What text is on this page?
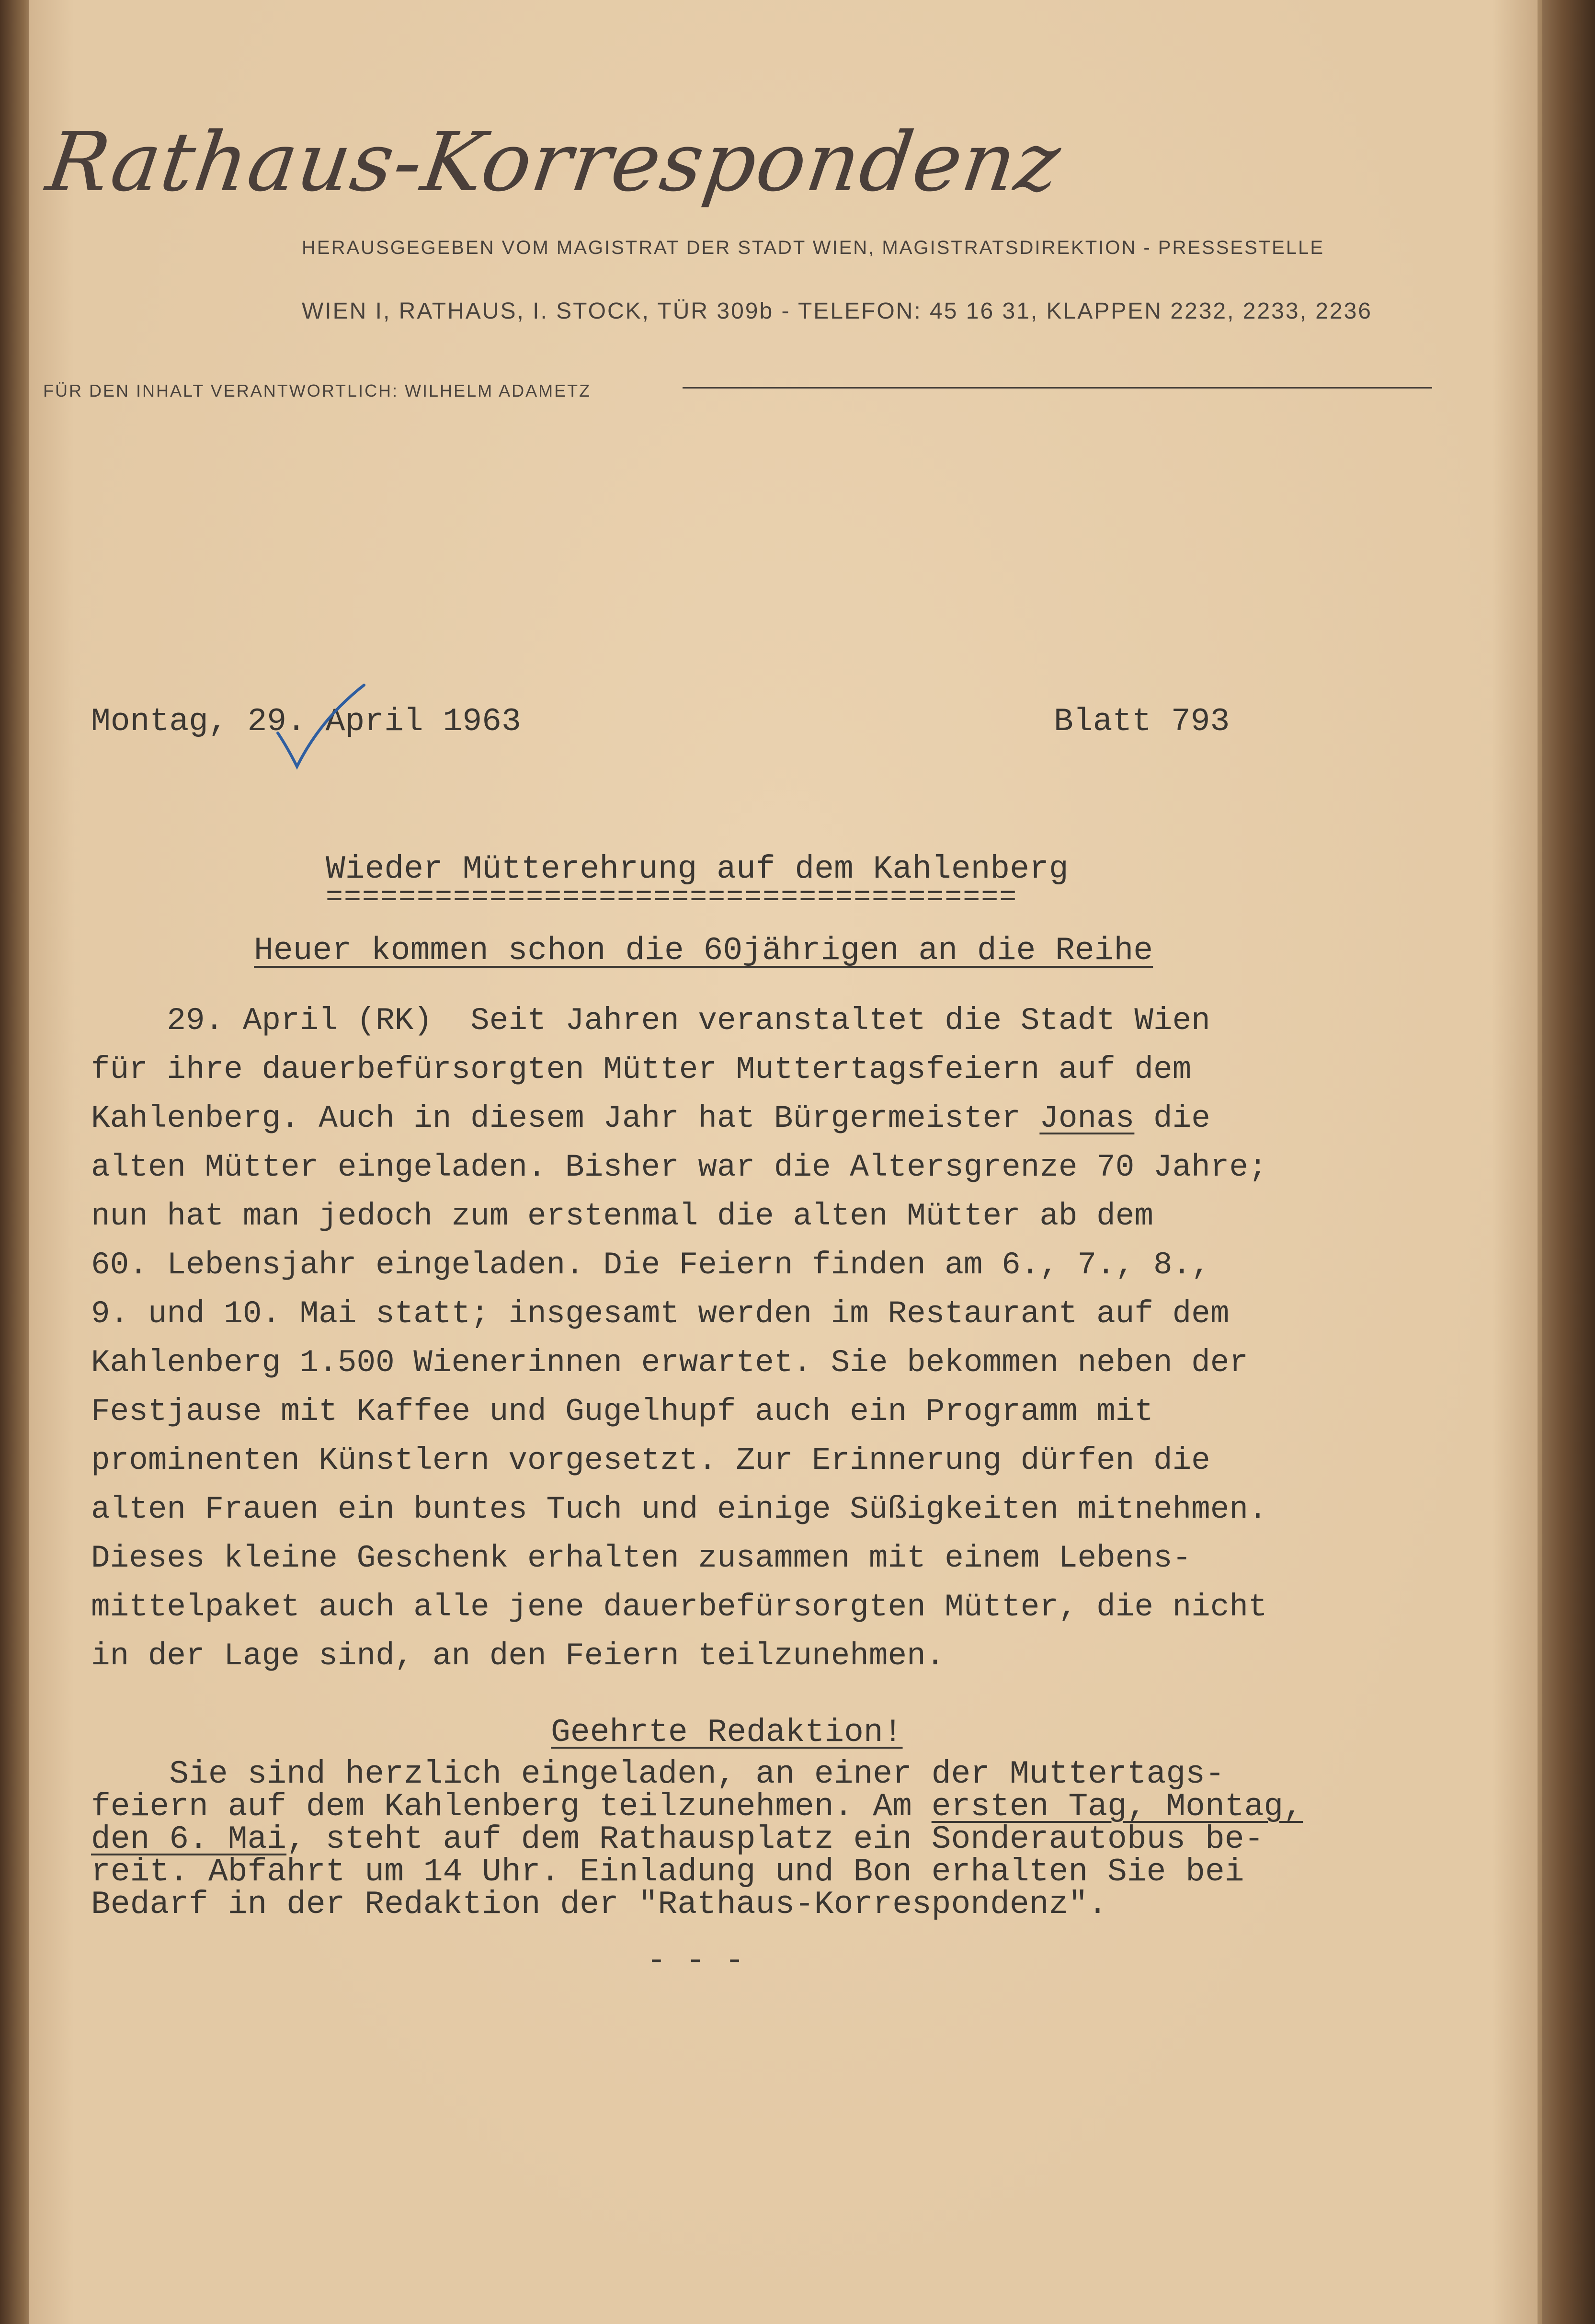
Rathaus-Korrespondenz
HERAUSGEGEBEN VOM MAGISTRAT DER STADT WIEN, MAGISTRATSDIREKTION - PRESSESTELLE
WIEN I, RATHAUS, I. STOCK, TÜR 309b - TELEFON: 45 16 31, KLAPPEN 2232, 2233, 2236
FÜR DEN INHALT VERANTWORTLICH: WILHELM ADAMETZ
Montag, 29. April 1963	Blatt 793
Wieder Mütterehrung auf dem Kahlenberg
======================================
Heuer kommen schon die 60jährigen an die Reihe
29. April (RK)  Seit Jahren veranstaltet die Stadt Wien
für ihre dauerbefürsorgten Mütter Muttertagsfeiern auf dem
Kahlenberg. Auch in diesem Jahr hat Bürgermeister Jonas die
alten Mütter eingeladen. Bisher war die Altersgrenze 70 Jahre;
nun hat man jedoch zum erstenmal die alten Mütter ab dem
60. Lebensjahr eingeladen. Die Feiern finden am 6., 7., 8.,
9. und 10. Mai statt; insgesamt werden im Restaurant auf dem
Kahlenberg 1.500 Wienerinnen erwartet. Sie bekommen neben der
Festjause mit Kaffee und Gugelhupf auch ein Programm mit
prominenten Künstlern vorgesetzt. Zur Erinnerung dürfen die
alten Frauen ein buntes Tuch und einige Süßigkeiten mitnehmen.
Dieses kleine Geschenk erhalten zusammen mit einem Lebens-
mittelpaket auch alle jene dauerbefürsorgten Mütter, die nicht
in der Lage sind, an den Feiern teilzunehmen.
Geehrte Redaktion!
Sie sind herzlich eingeladen, an einer der Muttertags-
feiern auf dem Kahlenberg teilzunehmen. Am ersten Tag, Montag,
den 6. Mai, steht auf dem Rathausplatz ein Sonderautobus be-
reit. Abfahrt um 14 Uhr. Einladung und Bon erhalten Sie bei
Bedarf in der Redaktion der "Rathaus-Korrespondenz".
- - -
